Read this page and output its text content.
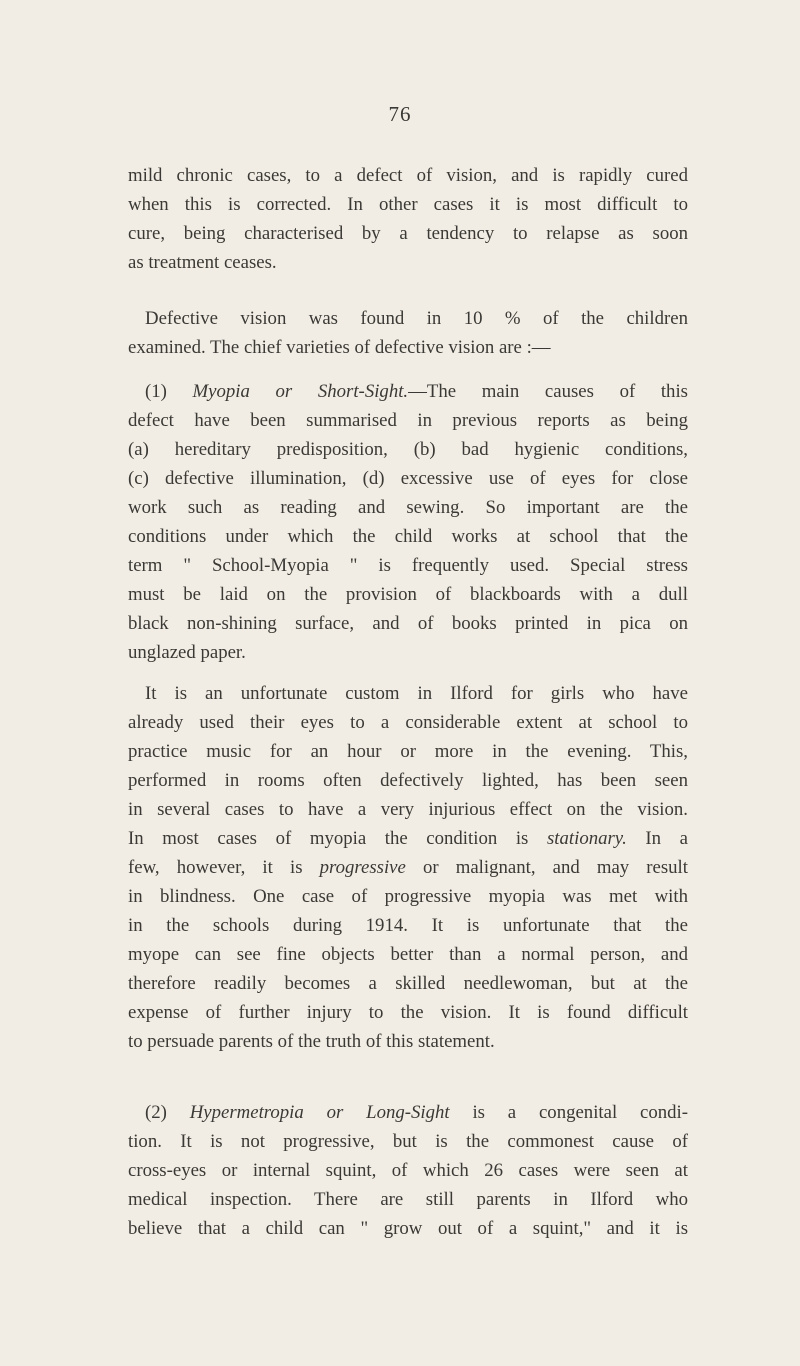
76
mild chronic cases, to a defect of vision, and is rapidly cured
when this is corrected. In other cases it is most difficult to
cure, being characterised by a tendency to relapse as soon
as treatment ceases.
Defective vision was found in 10 % of the children
examined. The chief varieties of defective vision are :—
(1) Myopia or Short-Sight.—The main causes of this
defect have been summarised in previous reports as being
(a) hereditary predisposition, (b) bad hygienic conditions,
(c) defective illumination, (d) excessive use of eyes for close
work such as reading and sewing. So important are the
conditions under which the child works at school that the
term " School-Myopia " is frequently used. Special stress
must be laid on the provision of blackboards with a dull
black non-shining surface, and of books printed in pica on
unglazed paper.
It is an unfortunate custom in Ilford for girls who have
already used their eyes to a considerable extent at school to
practice music for an hour or more in the evening. This,
performed in rooms often defectively lighted, has been seen
in several cases to have a very injurious effect on the vision.
In most cases of myopia the condition is stationary. In a
few, however, it is progressive or malignant, and may result
in blindness. One case of progressive myopia was met with
in the schools during 1914. It is unfortunate that the
myope can see fine objects better than a normal person, and
therefore readily becomes a skilled needlewoman, but at the
expense of further injury to the vision. It is found difficult
to persuade parents of the truth of this statement.
(2) Hypermetropia or Long-Sight is a congenital condi-
tion. It is not progressive, but is the commonest cause of
cross-eyes or internal squint, of which 26 cases were seen at
medical inspection. There are still parents in Ilford who
believe that a child can " grow out of a squint," and it is
